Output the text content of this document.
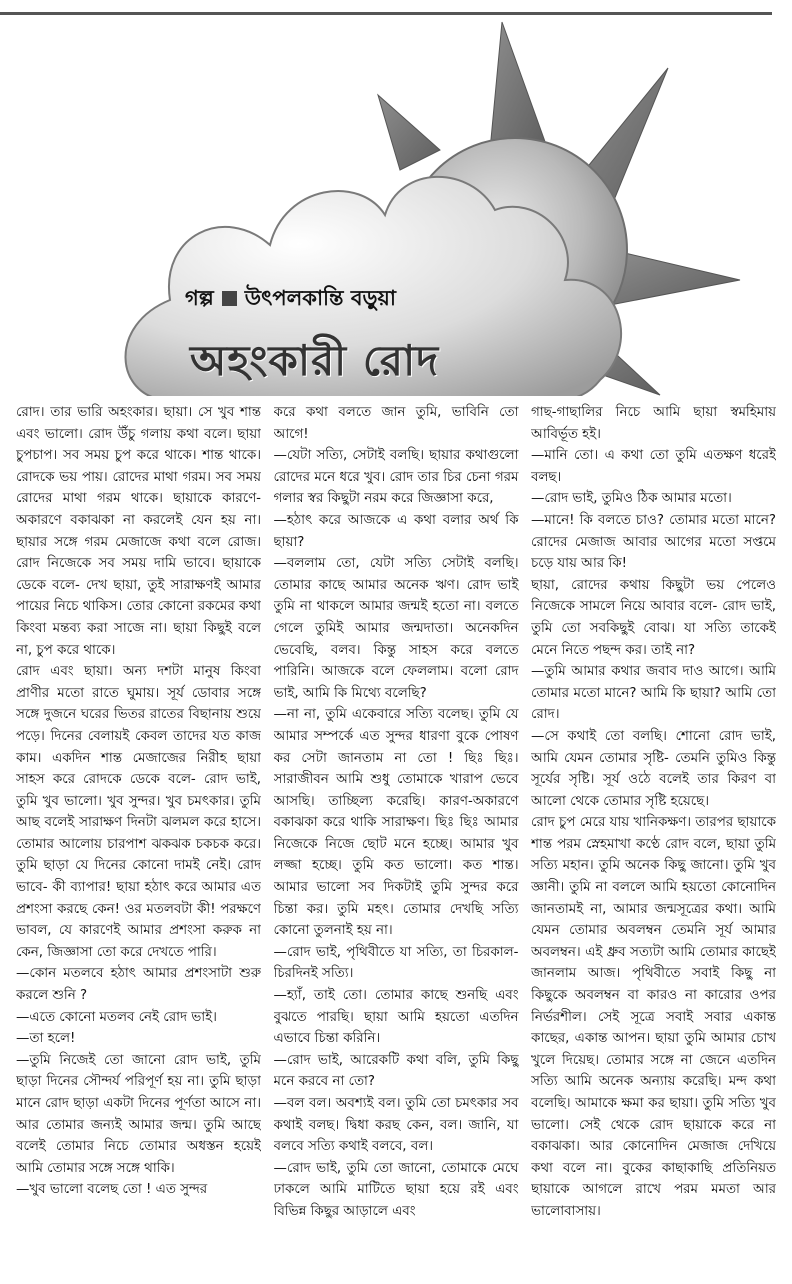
গল্প উৎপলকান্তি বড়ুয়া
অহংকারী রোদ

রোদ। তার ভারি অহংকার। ছায়া। সে খুব শান্ত এবং ভালো। রোদ উঁচু গলায় কথা বলে। ছায়া চুপচাপ। সব সময় চুপ করে থাকে। শান্ত থাকে। রোদকে ভয় পায়। রোদের মাথা গরম। সব সময় রোদের মাথা গরম থাকে। ছায়াকে কারণে-অকারণে বকাঝকা না করলেই যেন হয় না। ছায়ার সঙ্গে গরম মেজাজে কথা বলে রোজ। রোদ নিজেকে সব সময় দামি ভাবে। ছায়াকে ডেকে বলে- দেখ ছায়া, তুই সারাক্ষণই আমার পায়ের নিচে থাকিস। তোর কোনো রকমের কথা কিংবা মন্তব্য করা সাজে না। ছায়া কিছুই বলে না, চুপ করে থাকে।

রোদ এবং ছায়া। অন্য দশটা মানুষ কিংবা প্রাণীর মতো রাতে ঘুমায়। সূর্য ডোবার সঙ্গে সঙ্গে দুজনে ঘরের ভিতর রাতের বিছানায় শুয়ে পড়ে। দিনের বেলায়ই কেবল তাদের যত কাজ কাম। একদিন শান্ত মেজাজের নিরীহ ছায়া সাহস করে রোদকে ডেকে বলে- রোদ ভাই, তুমি খুব ভালো। খুব সুন্দর। খুব চমৎকার। তুমি আছ বলেই সারাক্ষণ দিনটা ঝলমল করে হাসে। তোমার আলোয় চারপাশ ঝকঝক চকচক করে। তুমি ছাড়া যে দিনের কোনো দামই নেই। রোদ ভাবে- কী ব্যাপার! ছায়া হঠাৎ করে আমার এত প্রশংসা করছে কেন! ওর মতলবটা কী! পরক্ষণে ভাবল, যে কারণেই আমার প্রশংসা করুক না কেন, জিজ্ঞাসা তো করে দেখতে পারি।

—কোন মতলবে হঠাৎ আমার প্রশংসাটা শুরু করলে শুনি ?

—এতে কোনো মতলব নেই রোদ ভাই।

—তা হলে!

—তুমি নিজেই তো জানো রোদ ভাই, তুমি ছাড়া দিনের সৌন্দর্য পরিপূর্ণ হয় না। তুমি ছাড়া মানে রোদ ছাড়া একটা দিনের পূর্ণতা আসে না। আর তোমার জন্যই আমার জন্ম। তুমি আছে বলেই তোমার নিচে তোমার অধস্তন হয়েই আমি তোমার সঙ্গে সঙ্গে থাকি।

—খুব ভালো বলেছ তো ! এত সুন্দর

করে কথা বলতে জান তুমি, ভাবিনি তো আগে!

—যেটা সত্যি, সেটাই বলছি। ছায়ার কথাগুলো রোদের মনে ধরে খুব। রোদ তার চির চেনা গরম গলার স্বর কিছুটা নরম করে জিজ্ঞাসা করে,

—হঠাৎ করে আজকে এ কথা বলার অর্থ কি ছায়া?

—বললাম তো, যেটা সত্যি সেটাই বলছি। তোমার কাছে আমার অনেক ঋণ। রোদ ভাই তুমি না থাকলে আমার জন্মই হতো না। বলতে গেলে তুমিই আমার জন্মদাতা। অনেকদিন ভেবেছি, বলব। কিন্তু সাহস করে বলতে পারিনি। আজকে বলে ফেললাম। বলো রোদ ভাই, আমি কি মিথ্যে বলেছি?

—না না, তুমি একেবারে সত্যি বলেছ। তুমি যে আমার সম্পর্কে এত সুন্দর ধারণা বুকে পোষণ কর সেটা জানতাম না তো ! ছিঃ ছিঃ। সারাজীবন আমি শুধু তোমাকে খারাপ ভেবে আসছি। তাচ্ছিল্য করেছি। কারণ-অকারণে বকাঝকা করে থাকি সারাক্ষণ। ছিঃ ছিঃ আমার নিজেকে নিজে ছোট মনে হচ্ছে। আমার খুব লজ্জা হচ্ছে। তুমি কত ভালো। কত শান্ত। আমার ভালো সব দিকটাই তুমি সুন্দর করে চিন্তা কর। তুমি মহৎ। তোমার দেখছি সত্যি কোনো তুলনাই হয় না।

—রোদ ভাই, পৃথিবীতে যা সত্যি, তা চিরকাল-চিরদিনই সত্যি।

—হ্যাঁ, তাই তো। তোমার কাছে শুনছি এবং বুঝতে পারছি। ছায়া আমি হয়তো এতদিন এভাবে চিন্তা করিনি।

—রোদ ভাই, আরেকটি কথা বলি, তুমি কিছু মনে করবে না তো?

—বল বল। অবশ্যই বল। তুমি তো চমৎকার সব কথাই বলছ। দ্বিধা করছ কেন, বল। জানি, যা বলবে সত্যি কথাই বলবে, বল।

—রোদ ভাই, তুমি তো জানো, তোমাকে মেঘে ঢাকলে আমি মাটিতে ছায়া হয়ে রই এবং বিভিন্ন কিছুর আড়ালে এবং

গাছ-গাছালির নিচে আমি ছায়া স্বমহিমায় আবির্ভূত হই।

—মানি তো। এ কথা তো তুমি এতক্ষণ ধরেই বলছ।

—রোদ ভাই, তুমিও ঠিক আমার মতো।

—মানে! কি বলতে চাও? তোমার মতো মানে? রোদের মেজাজ আবার আগের মতো সপ্তমে চড়ে যায় আর কি!

ছায়া, রোদের কথায় কিছুটা ভয় পেলেও নিজেকে সামলে নিয়ে আবার বলে- রোদ ভাই, তুমি তো সবকিছুই বোঝ। যা সত্যি তাকেই মেনে নিতে পছন্দ কর। তাই না?

—তুমি আমার কথার জবাব দাও আগে। আমি তোমার মতো মানে? আমি কি ছায়া? আমি তো রোদ।

—সে কথাই তো বলছি। শোনো রোদ ভাই, আমি যেমন তোমার সৃষ্টি- তেমনি তুমিও কিন্তু সূর্যের সৃষ্টি। সূর্য ওঠে বলেই তার কিরণ বা আলো থেকে তোমার সৃষ্টি হয়েছে।

রোদ চুপ মেরে যায় খানিকক্ষণ। তারপর ছায়াকে শান্ত পরম স্নেহমাখা কণ্ঠে রোদ বলে, ছায়া তুমি সত্যি মহান। তুমি অনেক কিছু জানো। তুমি খুব জ্ঞানী। তুমি না বললে আমি হয়তো কোনোদিন জানতামই না, আমার জন্মসূত্রের কথা। আমি যেমন তোমার অবলম্বন তেমনি সূর্য আমার অবলম্বন। এই ধ্রুব সত্যটা আমি তোমার কাছেই জানলাম আজ। পৃথিবীতে সবাই কিছু না কিছুকে অবলম্বন বা কারও না কারোর ওপর নির্ভরশীল। সেই সূত্রে সবাই সবার একান্ত কাছের, একান্ত আপন। ছায়া তুমি আমার চোখ খুলে দিয়েছ। তোমার সঙ্গে না জেনে এতদিন সত্যি আমি অনেক অন্যায় করেছি। মন্দ কথা বলেছি। আমাকে ক্ষমা কর ছায়া। তুমি সত্যি খুব ভালো। সেই থেকে রোদ ছায়াকে করে না বকাঝকা। আর কোনোদিন মেজাজ দেখিয়ে কথা বলে না। বুকের কাছাকাছি প্রতিনিয়ত ছায়াকে আগলে রাখে পরম মমতা আর ভালোবাসায়।
